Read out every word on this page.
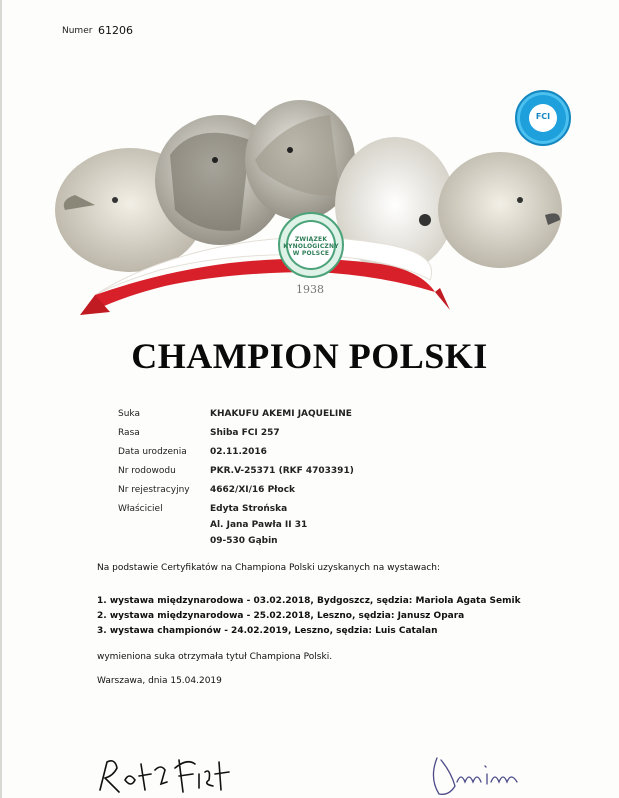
Numer 61206
FCI
ZWIĄZEK KYNOLOGICZNY W POLSCE
1938
CHAMPION POLSKI
Suka	KHAKUFU AKEMI JAQUELINE
Rasa	Shiba FCI 257
Data urodzenia	02.11.2016
Nr rodowodu	PKR.V-25371 (RKF 4703391)
Nr rejestracyjny	4662/XI/16 Płock
Właściciel	Edyta Strońska
Al. Jana Pawła II 31
09-530 Gąbin
Na podstawie Certyfikatów na Championa Polski uzyskanych na wystawach:
1. wystawa międzynarodowa - 03.02.2018, Bydgoszcz, sędzia: Mariola Agata Semik
2. wystawa międzynarodowa - 25.02.2018, Leszno, sędzia: Janusz Opara
3. wystawa championów - 24.02.2019, Leszno, sędzia: Luis Catalan
wymieniona suka otrzymała tytuł Championa Polski.
Warszawa, dnia 15.04.2019
